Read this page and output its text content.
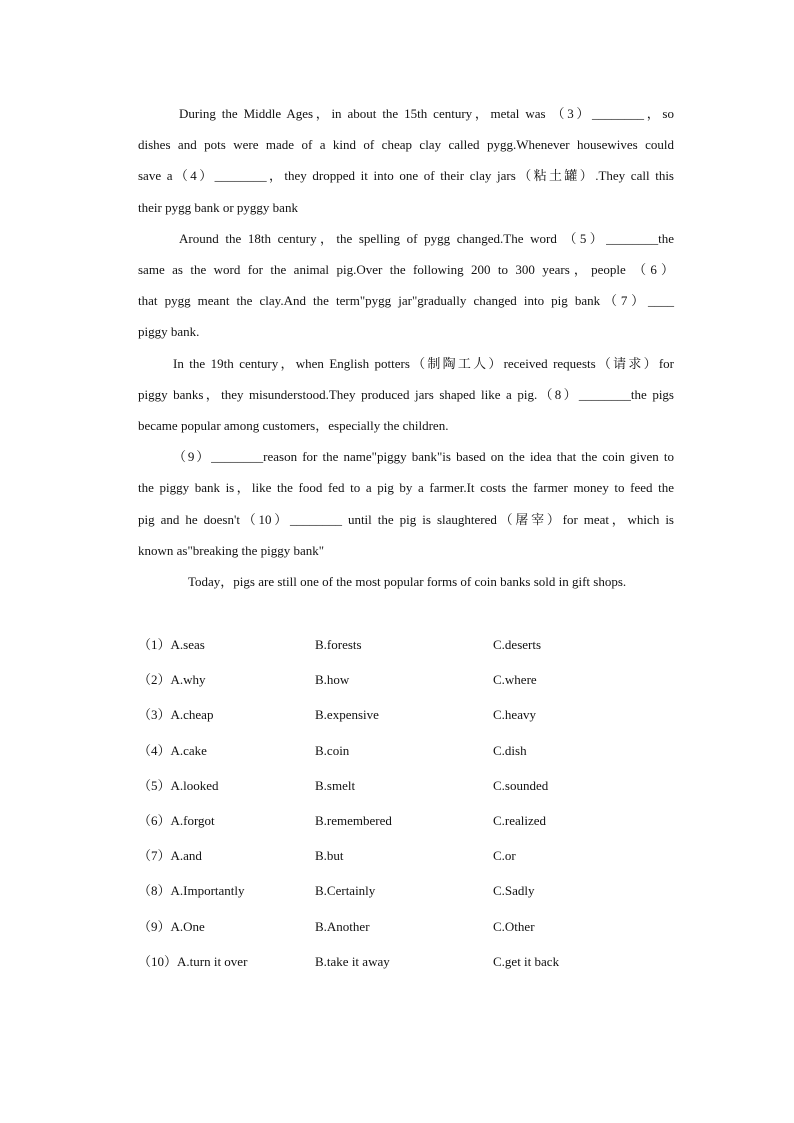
During the Middle Ages，in about the 15th century，metal was （3）________，so

dishes and pots were made of a kind of cheap clay called pygg.Whenever housewives could

save a（4）________，they dropped it into one of their clay jars（粘土罐）.They call this

their pygg bank or pyggy bank

Around the 18th century，the spelling of pygg changed.The word （5）________the

same as the word for the animal pig.Over the following 200 to 300 years，people （6）

that pygg meant the clay.And the term"pygg jar"gradually changed into pig bank（7）____

piggy bank.

In the 19th century，when English potters（制陶工人）received requests（请求）for

piggy banks，they misunderstood.They produced jars shaped like a pig.（8）________the pigs

became popular among customers，especially the children.

（9）________reason for the name"piggy bank"is based on the idea that the coin given to

the piggy bank is，like the food fed to a pig by a farmer.It costs the farmer money to feed the

pig and he doesn't（10）________ until the pig is slaughtered（屠宰）for meat，which is

known as"breaking the piggy bank"

Today，pigs are still one of the most popular forms of coin banks sold in gift shops.

（1）A.seas	B.forests	C.deserts
（2）A.why	B.how	C.where
（3）A.cheap	B.expensive	C.heavy
（4）A.cake	B.coin	C.dish
（5）A.looked	B.smelt	C.sounded
（6）A.forgot	B.remembered	C.realized
（7）A.and	B.but	C.or
（8）A.Importantly	B.Certainly	C.Sadly
（9）A.One	B.Another	C.Other
（10）A.turn it over	B.take it away	C.get it back
